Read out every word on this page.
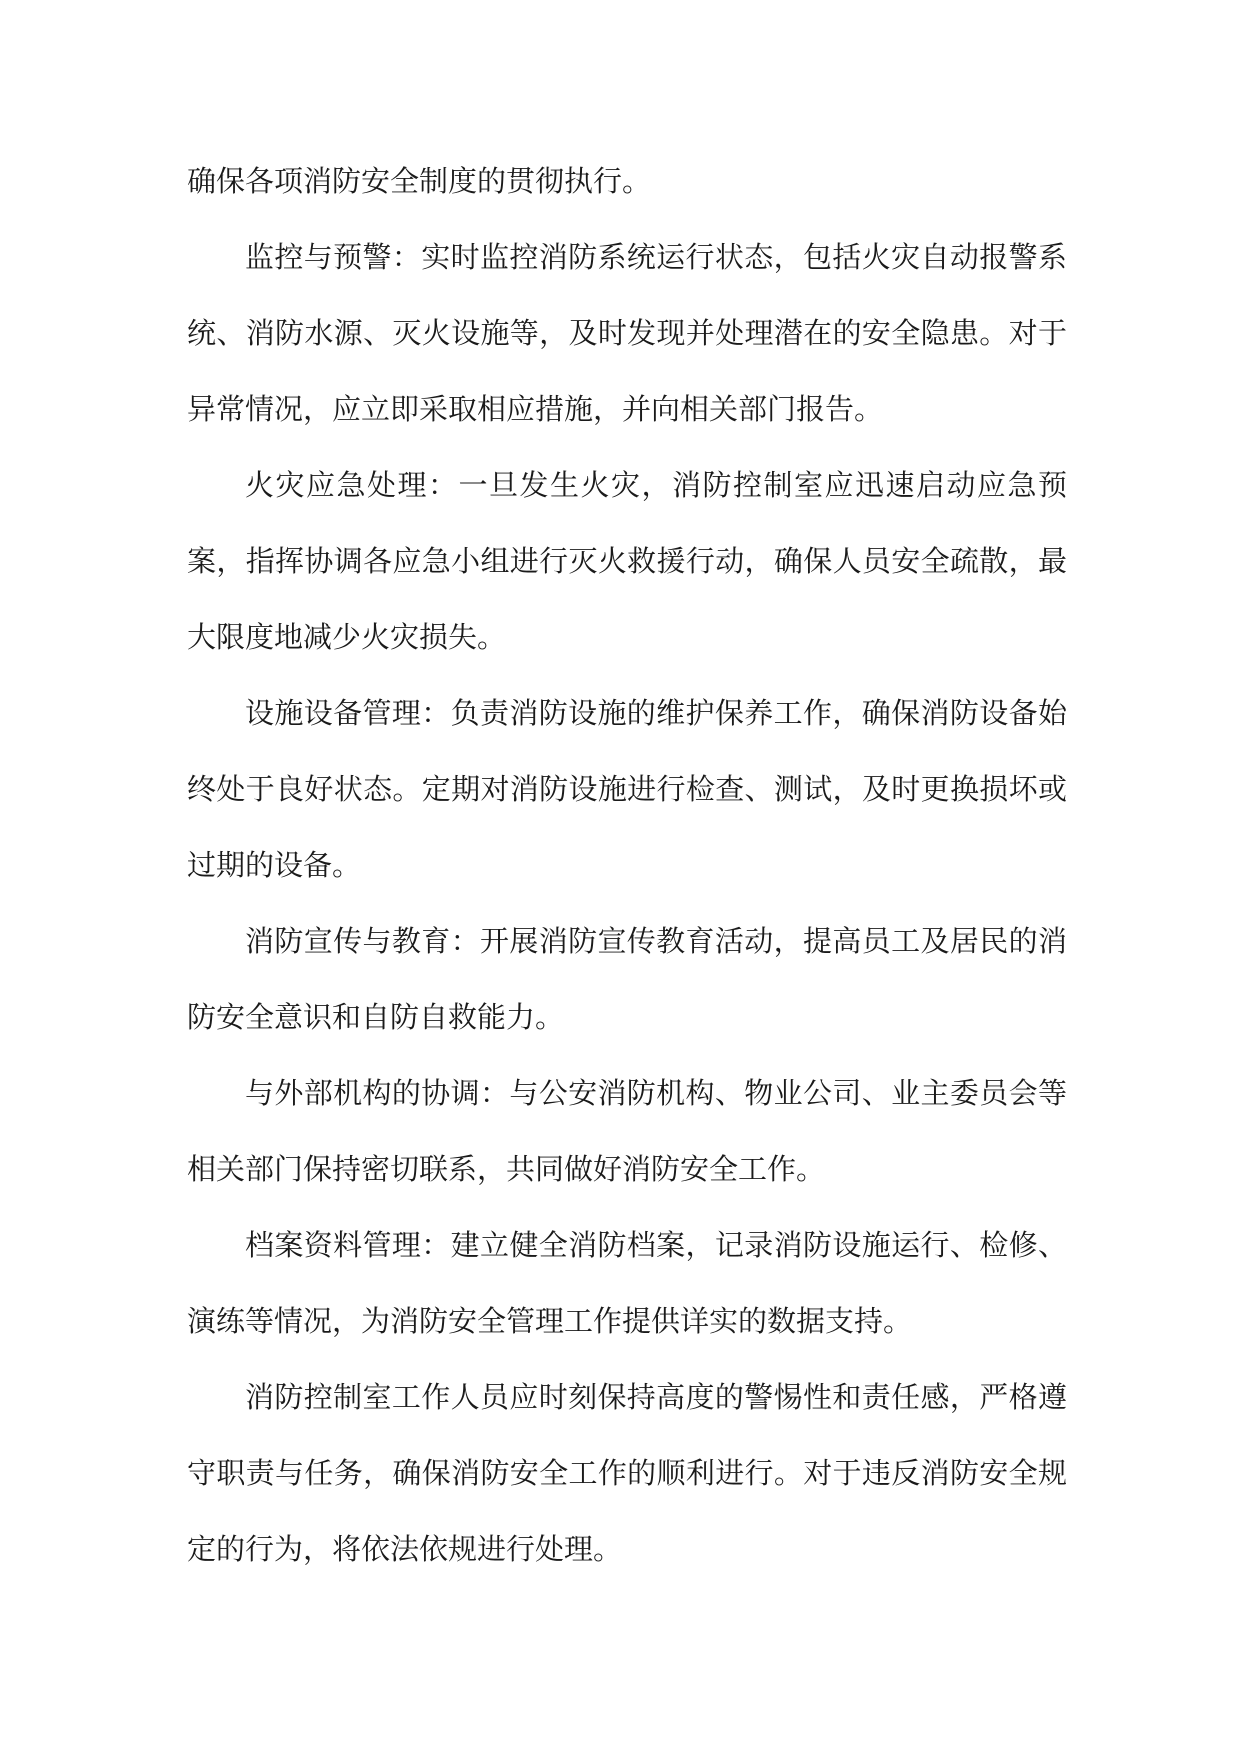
确保各项消防安全制度的贯彻执行。

监控与预警：实时监控消防系统运行状态，包括火灾自动报警系统、消防水源、灭火设施等，及时发现并处理潜在的安全隐患。对于异常情况，应立即采取相应措施，并向相关部门报告。

火灾应急处理：一旦发生火灾，消防控制室应迅速启动应急预案，指挥协调各应急小组进行灭火救援行动，确保人员安全疏散，最大限度地减少火灾损失。

设施设备管理：负责消防设施的维护保养工作，确保消防设备始终处于良好状态。定期对消防设施进行检查、测试，及时更换损坏或过期的设备。

消防宣传与教育：开展消防宣传教育活动，提高员工及居民的消防安全意识和自防自救能力。

与外部机构的协调：与公安消防机构、物业公司、业主委员会等相关部门保持密切联系，共同做好消防安全工作。

档案资料管理：建立健全消防档案，记录消防设施运行、检修、演练等情况，为消防安全管理工作提供详实的数据支持。

消防控制室工作人员应时刻保持高度的警惕性和责任感，严格遵守职责与任务，确保消防安全工作的顺利进行。对于违反消防安全规定的行为，将依法依规进行处理。
